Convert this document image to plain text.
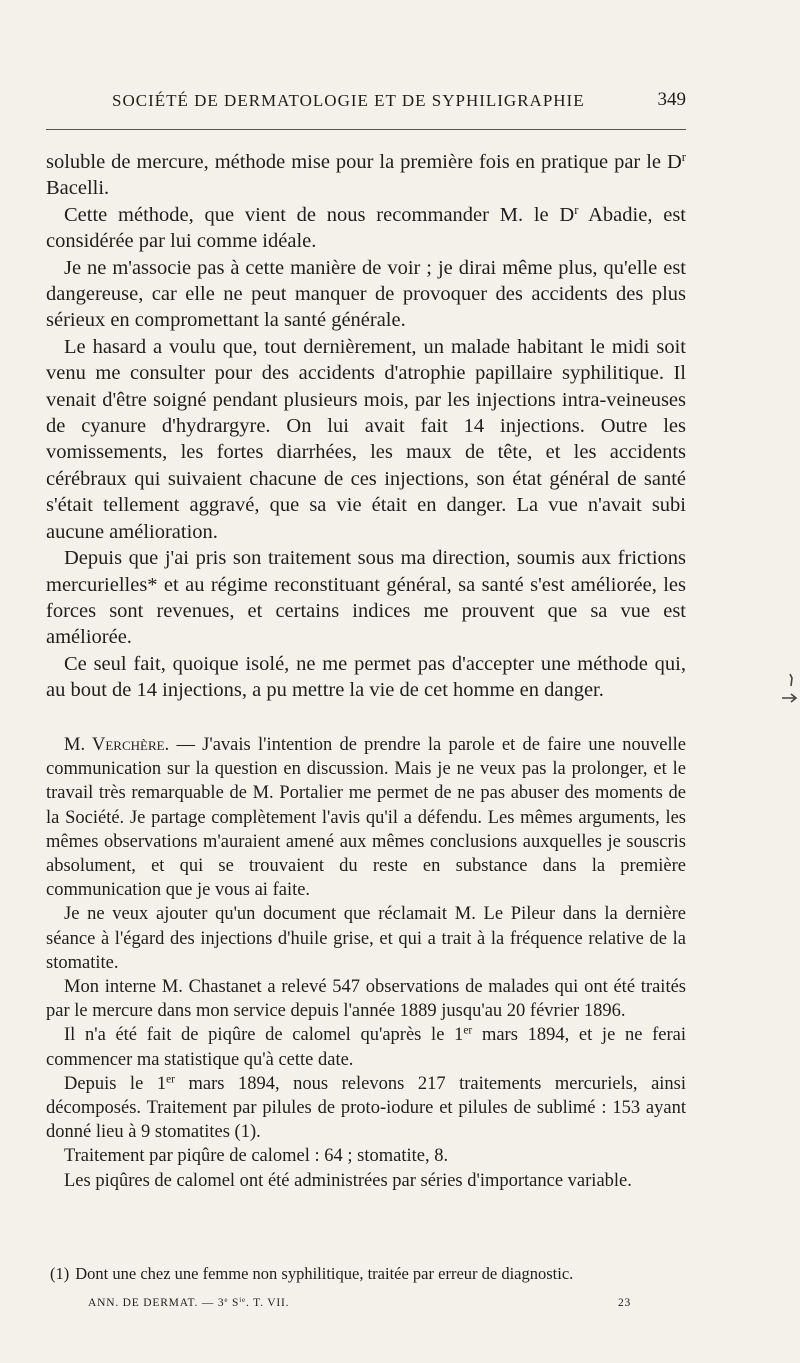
SOCIÉTÉ DE DERMATOLOGIE ET DE SYPHILIGRAPHIE	349

soluble de mercure, méthode mise pour la première fois en pratique par le $D^r$ Bacelli.

Cette méthode, que vient de nous recommander M. le $D^r$ Abadie, est considérée par lui comme idéale.

Je ne m'associe pas à cette manière de voir ; je dirai même plus, qu'elle est dangereuse, car elle ne peut manquer de provoquer des accidents des plus sérieux en compromettant la santé générale.

Le hasard a voulu que, tout dernièrement, un malade habitant le midi soit venu me consulter pour des accidents d'atrophie papillaire syphilitique. Il venait d'être soigné pendant plusieurs mois, par les injections intra-veineuses de cyanure d'hydrargyre. On lui avait fait 14 injections. Outre les vomissements, les fortes diarrhées, les maux de tête, et les accidents cérébraux qui suivaient chacune de ces injections, son état général de santé s'était tellement aggravé, que sa vie était en danger. La vue n'avait subi aucune amélioration.

Depuis que j'ai pris son traitement sous ma direction, soumis aux frictions mercurielles* et au régime reconstituant général, sa santé s'est améliorée, les forces sont revenues, et certains indices me prouvent que sa vue est améliorée.

Ce seul fait, quoique isolé, ne me permet pas d'accepter une méthode qui, au bout de 14 injections, a pu mettre la vie de cet homme en danger.

M. Verchère. — J'avais l'intention de prendre la parole et de faire une nouvelle communication sur la question en discussion. Mais je ne veux pas la prolonger, et le travail très remarquable de M. Portalier me permet de ne pas abuser des moments de la Société. Je partage complètement l'avis qu'il a défendu. Les mêmes arguments, les mêmes observations m'auraient amené aux mêmes conclusions auxquelles je souscris absolument, et qui se trouvaient du reste en substance dans la première communication que je vous ai faite.

Je ne veux ajouter qu'un document que réclamait M. Le Pileur dans la dernière séance à l'égard des injections d'huile grise, et qui a trait à la fréquence relative de la stomatite.

Mon interne M. Chastanet a relevé 547 observations de malades qui ont été traités par le mercure dans mon service depuis l'année 1889 jusqu'au 20 février 1896.

Il n'a été fait de piqûre de calomel qu'après le 1er mars 1894, et je ne ferai commencer ma statistique qu'à cette date.

Depuis le 1er mars 1894, nous relevons 217 traitements mercuriels, ainsi décomposés. Traitement par pilules de proto-iodure et pilules de sublimé : 153 ayant donné lieu à 9 stomatites (1).

Traitement par piqûre de calomel : 64 ; stomatite, 8.

Les piqûres de calomel ont été administrées par séries d'importance variable.

(1) Dont une chez une femme non syphilitique, traitée par erreur de diagnostic.
ANN. DE DERMAT. — 3e $S^{ie}$. T. VII.	23
